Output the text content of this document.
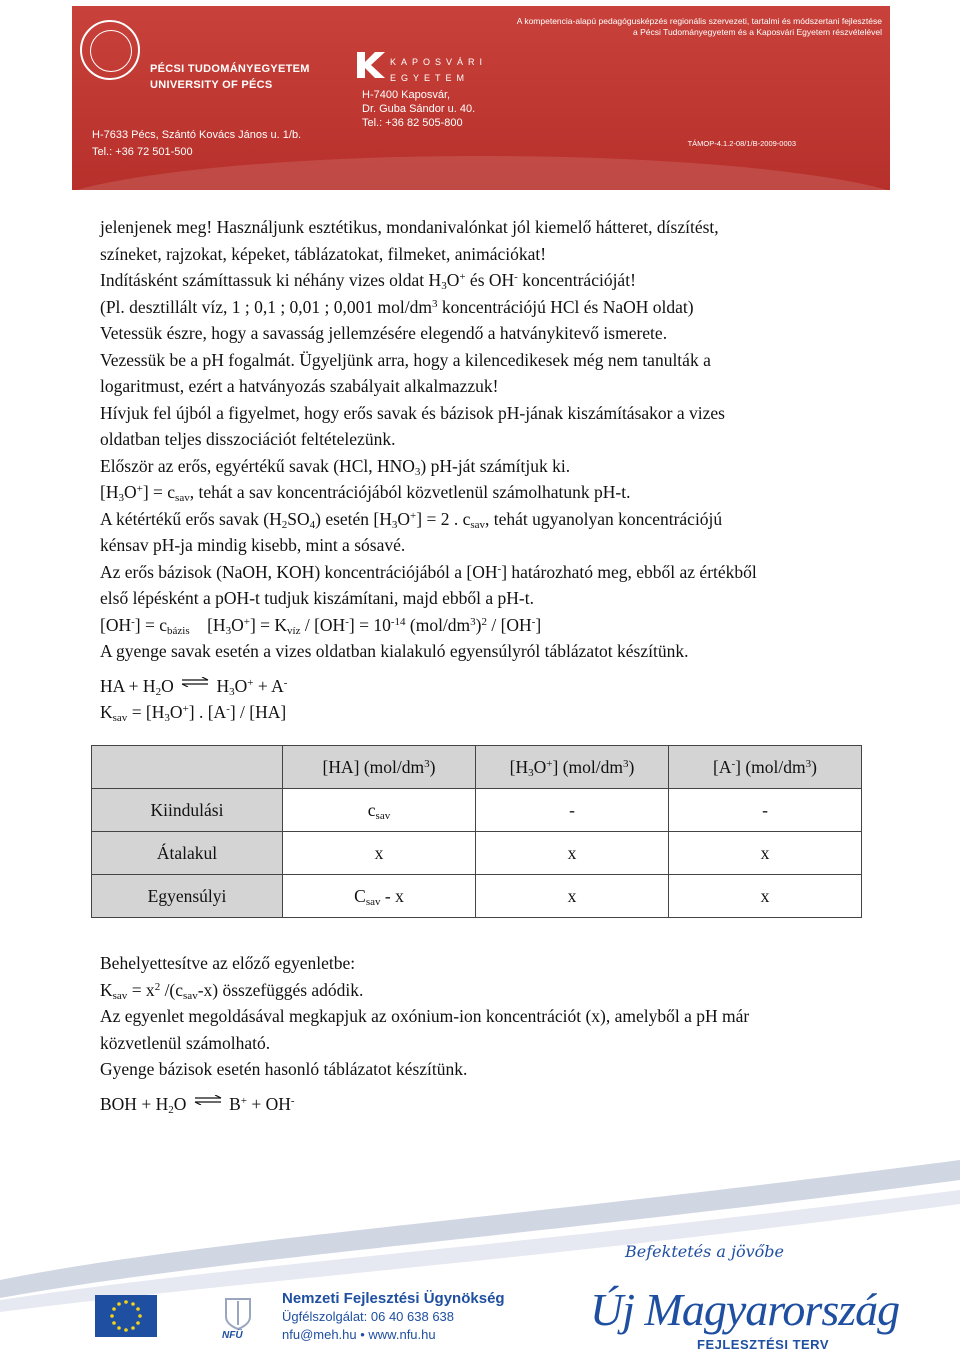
PÉCSI TUDOMÁNYEGYETEM
UNIVERSITY OF PÉCS
H-7633 Pécs, Szántó Kovács János u. 1/b.
Tel.: +36 72 501-500
KAPOSVÁRI
EGYETEM
H-7400 Kaposvár,
Dr. Guba Sándor u. 40.
Tel.: +36 82 505-800
A kompetencia-alapú pedagógusképzés regionális szervezeti, tartalmi és módszertani fejlesztése
a Pécsi Tudományegyetem és a Kaposvári Egyetem részvételével
TÁMOP-4.1.2-08/1/B-2009-0003

jelenjenek meg! Használjunk esztétikus, mondanivalónkat jól kiemelő hátteret, díszítést,

színeket, rajzokat, képeket, táblázatokat, filmeket, animációkat!

Indításként számíttassuk ki néhány vizes oldat $H_3O^+$ és OH- koncentrációját!

(Pl. desztillált víz, 1 ; 0,1 ; 0,01 ; 0,001 mol/$dm^3$ koncentrációjú HCl és NaOH oldat)

Vetessük észre, hogy a savasság jellemzésére elegendő a hatványkitevő ismerete.

Vezessük be a pH fogalmát. Ügyeljünk arra, hogy a kilencedikesek még nem tanulták a

logaritmust, ezért a hatványozás szabályait alkalmazzuk!

Hívjuk fel újból a figyelmet, hogy erős savak és bázisok pH-jának kiszámításakor a vizes

oldatban teljes disszociációt feltételezünk.

Először az erős, egyértékű savak (HCl, $HNO_3$) pH-ját számítjuk ki.

$[H_3O^+] = c_{sav}$, tehát a sav koncentrációjából közvetlenül számolhatunk pH-t.

A kétértékű erős savak $(H_2SO_4)$ esetén $[H_3O^+] = 2$ . $c_{sav}$, tehát ugyanolyan koncentrációjú

kénsav pH-ja mindig kisebb, mint a sósavé.

Az erős bázisok (NaOH, KOH) koncentrációjából a [OH-] határozható meg, ebből az értékből

első lépésként a pOH-t tudjuk kiszámítani, majd ebből a pH-t.

$[OH^-] = c_{bázis}$    $[H_3O^+] = K_{víz} / [OH^-] = 10^{-14}$ $(mol/dm^3)^2 / [OH^-]$

A gyenge savak esetén a vizes oldatban kialakuló egyensúlyról táblázatot készítünk.

HA + $H_2O$ ⇌ $H_3O^+ + A^-$

$K_{sav} = [H_3O^+]$ . [A-] / [HA]

	[HA] $(mol/dm^3)$	$[H_3O^+]$ $(mol/dm^3)$	[A-] $(mol/dm^3)$
Kiindulási	$c_{sav}$	-	-
Átalakul	x	x	x
Egyensúlyi	$C_{sav}$ - x	x	x

Behelyettesítve az előző egyenletbe:

$K_{sav} = x^2$ $/(c_{sav}-x)$ összefüggés adódik.

Az egyenlet megoldásával megkapjuk az oxónium-ion koncentrációt (x), amelyből a pH már

közvetlenül számolható.

Gyenge bázisok esetén hasonló táblázatot készítünk.

BOH + $H_2O$ ⇌ B+ + OH-

NFÜ
Nemzeti Fejlesztési Ügynökség
Ügfélszolgálat: 06 40 638 638
nfu@meh.hu • www.nfu.hu
Befektetés a jövőbe
Új Magyarország
FEJLESZTÉSI TERV
